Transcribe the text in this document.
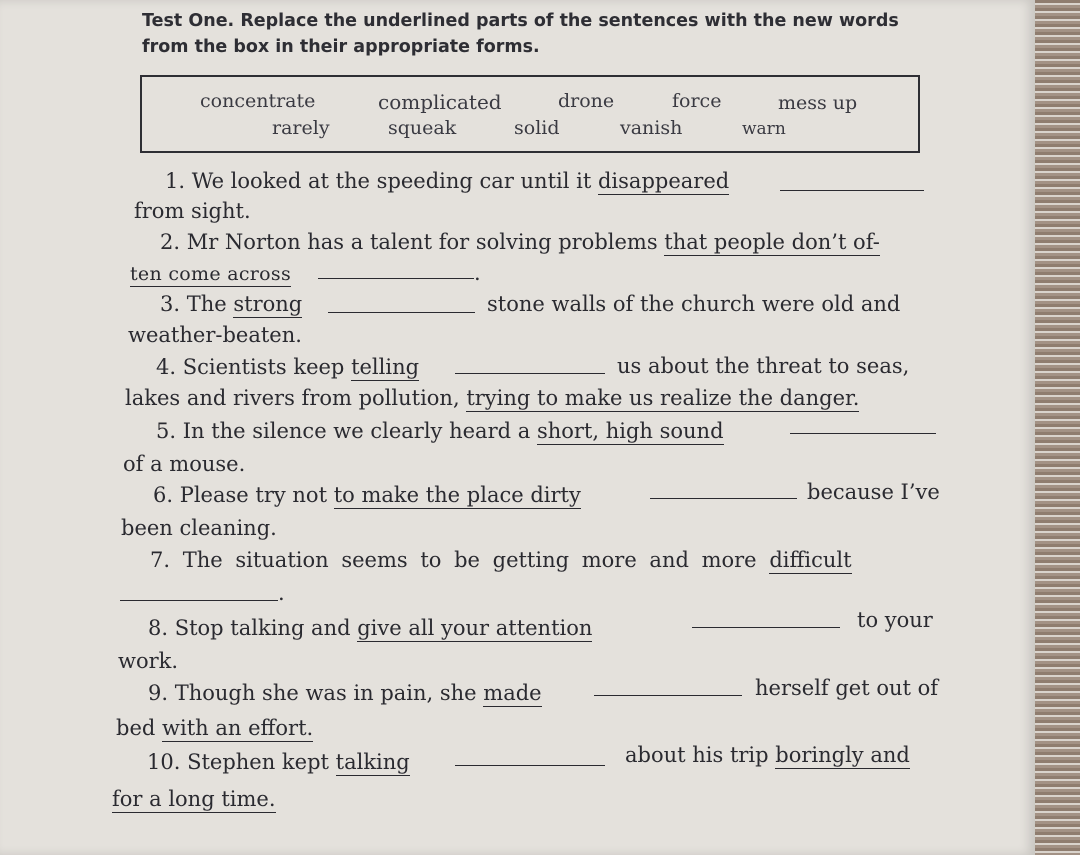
Test One. Replace the underlined parts of the sentences with the new words from the box in their appropriate forms.
concentrate	complicated	drone	force	mess up
rarely	squeak	solid	vanish	warn
1. We looked at the speeding car until it disappeared
from sight.
2. Mr Norton has a talent for solving problems that people don’t of-
ten come across	.
3. The strong	stone walls of the church were old and
weather-beaten.
4. Scientists keep telling	us about the threat to seas,
lakes and rivers from pollution, trying to make us realize the danger.
5. In the silence we clearly heard a short, high sound
of a mouse.
6. Please try not to make the place dirty	because I’ve
been cleaning.
7. The situation seems to be getting more and more difficult
.
8. Stop talking and give all your attention	to your
work.
9. Though she was in pain, she made	herself get out of
bed with an effort.
10. Stephen kept talking	about his trip boringly and
for a long time.
